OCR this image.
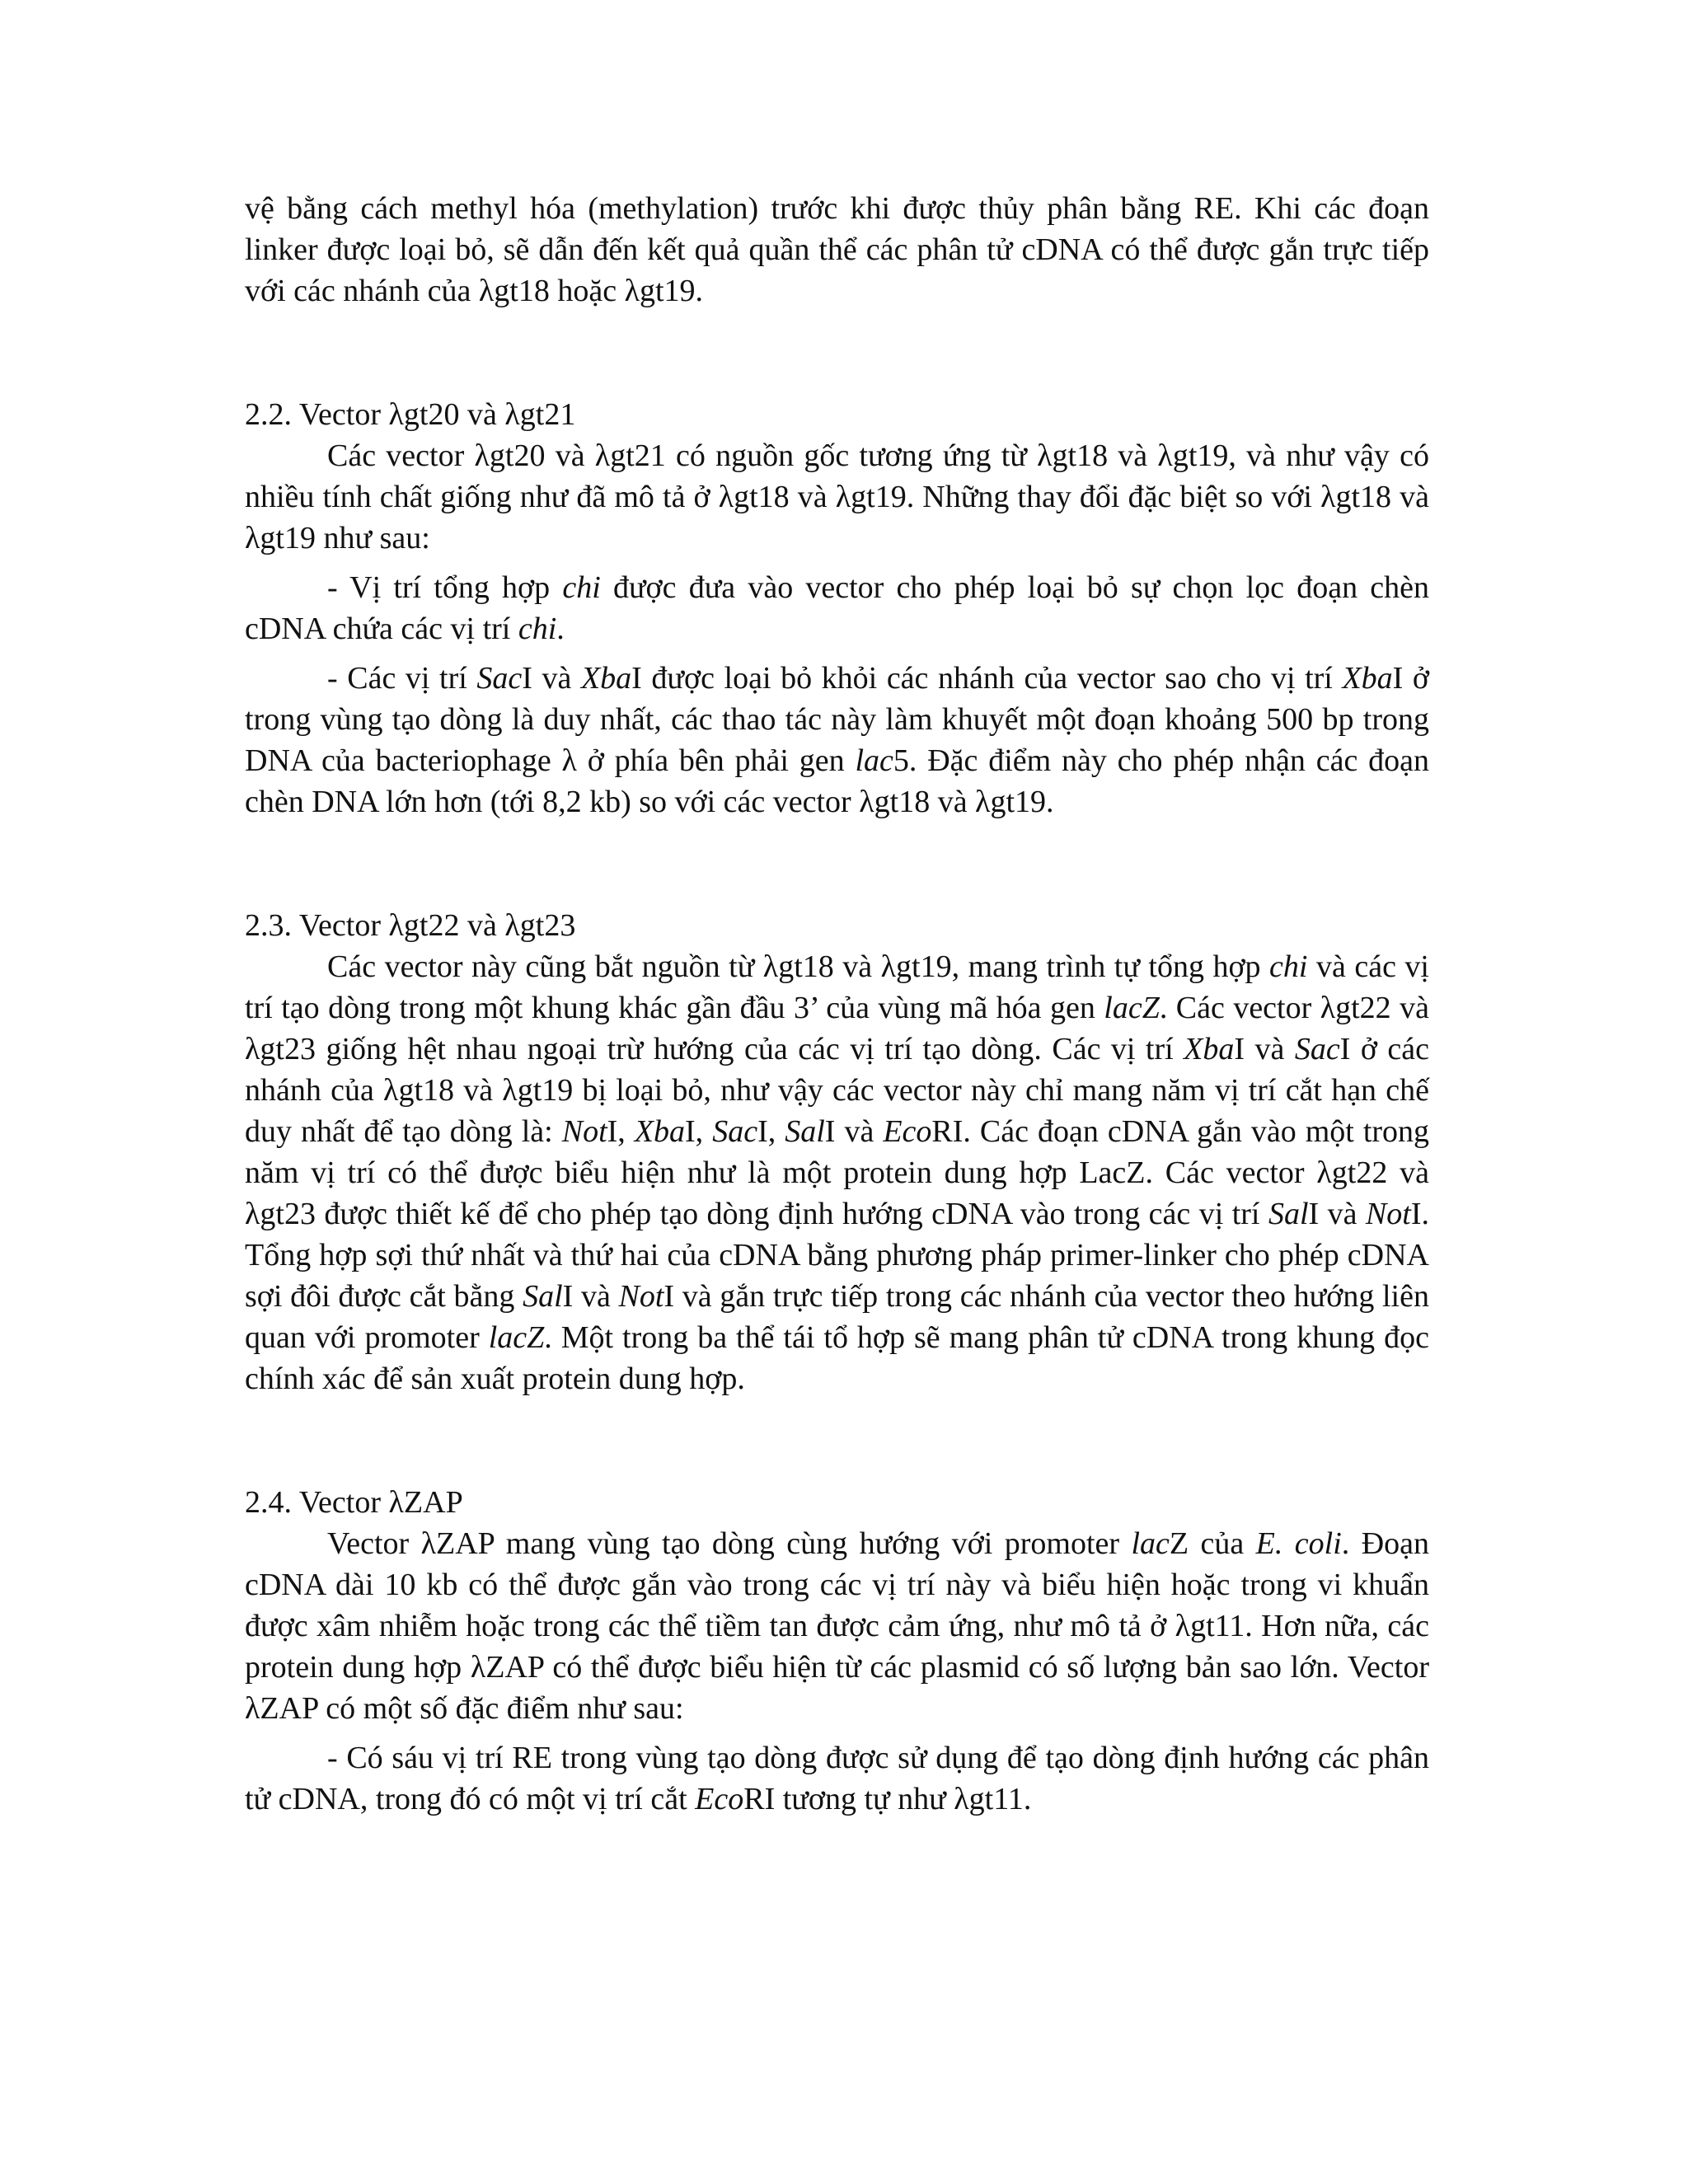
vệ bằng cách methyl hóa (methylation) trước khi được thủy phân bằng RE. Khi các đoạn linker được loại bỏ, sẽ dẫn đến kết quả quần thể các phân tử cDNA có thể được gắn trực tiếp với các nhánh của λgt18 hoặc λgt19.

2.2. Vector λgt20 và λgt21

Các vector λgt20 và λgt21 có nguồn gốc tương ứng từ λgt18 và λgt19, và như vậy có nhiều tính chất giống như đã mô tả ở λgt18 và λgt19. Những thay đổi đặc biệt so với λgt18 và λgt19 như sau:

- Vị trí tổng hợp chi được đưa vào vector cho phép loại bỏ sự chọn lọc đoạn chèn cDNA chứa các vị trí chi.

- Các vị trí SacI và XbaI được loại bỏ khỏi các nhánh của vector sao cho vị trí XbaI ở trong vùng tạo dòng là duy nhất, các thao tác này làm khuyết một đoạn khoảng 500 bp trong DNA của bacteriophage λ ở phía bên phải gen lac5. Đặc điểm này cho phép nhận các đoạn chèn DNA lớn hơn (tới 8,2 kb) so với các vector λgt18 và λgt19.

2.3. Vector λgt22 và λgt23

Các vector này cũng bắt nguồn từ λgt18 và λgt19, mang trình tự tổng hợp chi và các vị trí tạo dòng trong một khung khác gần đầu 3’ của vùng mã hóa gen lacZ. Các vector λgt22 và λgt23 giống hệt nhau ngoại trừ hướng của các vị trí tạo dòng. Các vị trí XbaI và SacI ở các nhánh của λgt18 và λgt19 bị loại bỏ, như vậy các vector này chỉ mang năm vị trí cắt hạn chế duy nhất để tạo dòng là: NotI, XbaI, SacI, SalI và EcoRI. Các đoạn cDNA gắn vào một trong năm vị trí có thể được biểu hiện như là một protein dung hợp LacZ. Các vector λgt22 và λgt23 được thiết kế để cho phép tạo dòng định hướng cDNA vào trong các vị trí SalI và NotI. Tổng hợp sợi thứ nhất và thứ hai của cDNA bằng phương pháp primer-linker cho phép cDNA sợi đôi được cắt bằng SalI và NotI và gắn trực tiếp trong các nhánh của vector theo hướng liên quan với promoter lacZ. Một trong ba thể tái tổ hợp sẽ mang phân tử cDNA trong khung đọc chính xác để sản xuất protein dung hợp.

2.4. Vector λZAP

Vector λZAP mang vùng tạo dòng cùng hướng với promoter lacZ của E. coli. Đoạn cDNA dài 10 kb có thể được gắn vào trong các vị trí này và biểu hiện hoặc trong vi khuẩn được xâm nhiễm hoặc trong các thể tiềm tan được cảm ứng, như mô tả ở λgt11. Hơn nữa, các protein dung hợp λZAP có thể được biểu hiện từ các plasmid có số lượng bản sao lớn. Vector λZAP có một số đặc điểm như sau:

- Có sáu vị trí RE trong vùng tạo dòng được sử dụng để tạo dòng định hướng các phân tử cDNA, trong đó có một vị trí cắt EcoRI tương tự như λgt11.
